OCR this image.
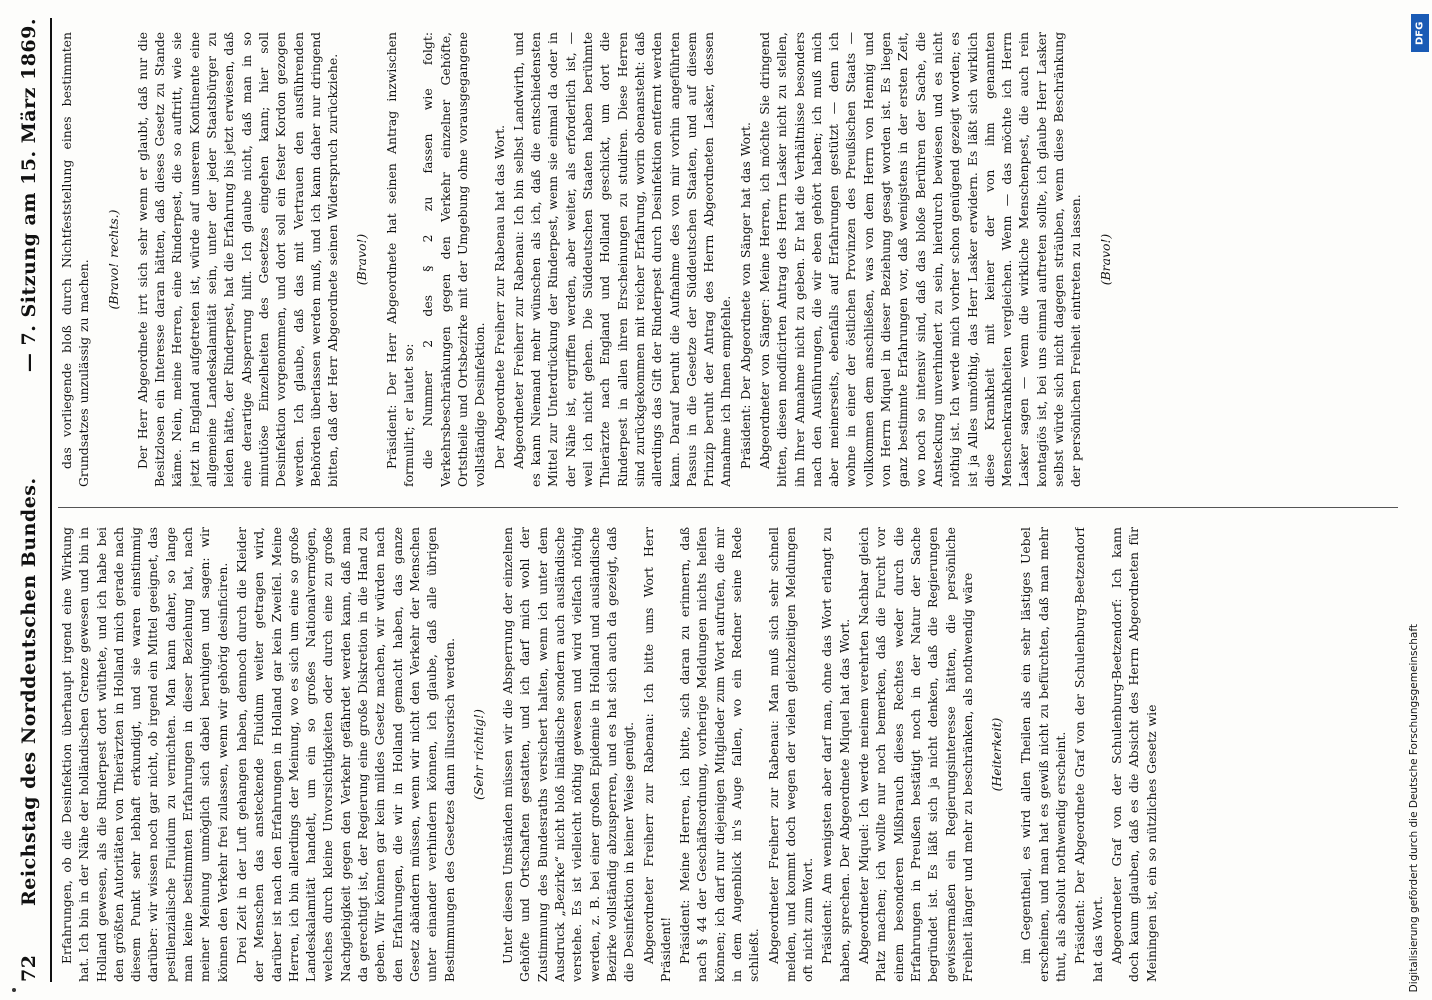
72
Reichstag des Norddeutschen Bundes.
— 7. Sitzung am 15. März 1869.

Erfahrungen, ob die Desinfektion überhaupt irgend eine Wirkung hat. Ich bin in der Nähe der holländischen Grenze gewesen und bin in Holland gewesen, als die Rinderpest dort wüthete, und ich habe bei den größten Autoritäten von Thierärzten in Holland mich gerade nach diesem Punkt sehr lebhaft erkundigt, und sie waren einstimmig darüber: wir wissen noch gar nicht, ob irgend ein Mittel geeignet, das pestilenzialische Fluidum zu vernichten. Man kann daher, so lange man keine bestimmten Erfahrungen in dieser Beziehung hat, nach meiner Meinung unmöglich sich dabei beruhigen und sagen: wir können den Verkehr frei zulassen, wenn wir gehörig desinficiren. Drei Zeit in der Luft gehangen haben, dennoch durch die Kleider der Menschen das ansteckende Fluidum weiter getragen wird, darüber ist nach den Erfahrungen in Holland gar kein Zweifel. Meine Herren, ich bin allerdings der Meinung, wo es sich um eine so große Landeskalamität handelt, um ein so großes Nationalvermögen, welches durch kleine Unvorsichtigkeiten oder durch eine zu große Nachgiebigkeit gegen den Verkehr gefährdet werden kann, daß man da gerechtigt ist, der Regierung eine große Diskretion in die Hand zu geben. Wir können gar kein mildes Gesetz machen, wir würden nach den Erfahrungen, die wir in Holland gemacht haben, das ganze Gesetz abändern müssen, wenn wir nicht den Verkehr der Menschen unter einander verhindern können, ich glaube, daß alle übrigen Bestimmungen des Gesetzes dann illusorisch werden. (Sehr richtig!) Unter diesen Umständen müssen wir die Absperrung der einzelnen Gehöfte und Ortschaften gestatten, und ich darf mich wohl der Zustimmung des Bundesraths versichert halten, wenn ich unter dem Ausdruck „Bezirke“ nicht bloß inländische sondern auch ausländische verstehe. Es ist vielleicht nöthig gewesen und wird vielfach nöthig werden, z. B. bei einer großen Epidemie in Holland und ausländische Bezirke vollständig abzusperren, und es hat sich auch da gezeigt, daß die Desinfektion in keiner Weise genügt. Abgeordneter Freiherr zur Rabenau: Ich bitte ums Wort Herr Präsident! Präsident: Meine Herren, ich bitte, sich daran zu erinnern, daß nach § 44 der Geschäftsordnung, vorherige Meldungen nichts helfen können; ich darf nur diejenigen Mitglieder zum Wort aufrufen, die mir in dem Augenblick in's Auge fallen, wo ein Redner seine Rede schließt. Abgeordneter Freiherr zur Rabenau: Man muß sich sehr schnell melden, und kommt doch wegen der vielen gleichzeitigen Meldungen oft nicht zum Wort. Präsident: Am wenigsten aber darf man, ohne das Wort erlangt zu haben, sprechen. Der Abgeordnete Miquel hat das Wort. Abgeordneter Miquel: Ich werde meinem verehrten Nachbar gleich Platz machen; ich wollte nur noch bemerken, daß die Furcht vor einem besonderen Mißbrauch dieses Rechtes weder durch die Erfahrungen in Preußen bestätigt noch in der Natur der Sache begründet ist. Es läßt sich ja nicht denken, daß die Regierungen gewissermaßen ein Regierungsinteresse hätten, die persönliche Freiheit länger und mehr zu beschränken, als nothwendig wäre (Heiterkeit) im Gegentheil, es wird allen Theilen als ein sehr lästiges Uebel erscheinen, und man hat es gewiß nicht zu befürchten, daß man mehr thut, als absolut nothwendig erscheint. Präsident: Der Abgeordnete Graf von der Schulenburg-Beetzendorf hat das Wort. Abgeordneter Graf von der Schulenburg-Beetzendorf: Ich kann doch kaum glauben, daß es die Absicht des Herrn Abgeordneten für Meiningen ist, ein so nützliches Gesetz wie

das vorliegende bloß durch Nichtfeststellung eines bestimmten Grundsatzes unzulässig zu machen. (Bravo! rechts.) Der Herr Abgeordnete irrt sich sehr wenn er glaubt, daß nur die Besitzlosen ein Interesse daran hätten, daß dieses Gesetz zu Stande käme. Nein, meine Herren, eine Rinderpest, die so auftritt, wie sie jetzt in England aufgetreten ist, würde auf unserem Kontinente eine allgemeine Landeskalamität sein, unter der jeder Staatsbürger zu leiden hätte, der Rinderpest, hat die Erfahrung bis jetzt erwiesen, daß eine derartige Absperrung hilft. Ich glaube nicht, daß man in so minutiöse Einzelheiten des Gesetzes eingehen kann; hier soll Desinfektion vorgenommen, und dort soll ein fester Kordon gezogen werden. Ich glaube, daß das mit Vertrauen den ausführenden Behörden überlassen werden muß, und ich kann daher nur dringend bitten, daß der Herr Abgeordnete seinen Widerspruch zurückziehe. (Bravo!) Präsident: Der Herr Abgeordnete hat seinen Antrag inzwischen formulirt; er lautet so: die Nummer 2 des § 2 zu fassen wie folgt: Verkehrsbeschränkungen gegen den Verkehr einzelner Gehöfte, Ortstheile und Ortsbezirke mit der Umgebung ohne vorausgegangene vollständige Desinfektion. Der Abgeordnete Freiherr zur Rabenau hat das Wort. Abgeordneter Freiherr zur Rabenau: Ich bin selbst Landwirth, und es kann Niemand mehr wünschen als ich, daß die entschiedensten Mittel zur Unterdrückung der Rinderpest, wenn sie einmal da oder in der Nähe ist, ergriffen werden, aber weiter, als erforderlich ist, — weil ich nicht gehen. Die Süddeutschen Staaten haben berühmte Thierärzte nach England und Holland geschickt, um dort die Rinderpest in allen ihren Erscheinungen zu studiren. Diese Herren sind zurückgekommen mit reicher Erfahrung, worin obenansteht: daß allerdings das Gift der Rinderpest durch Desinfektion entfernt werden kann. Darauf beruht die Aufnahme des von mir vorhin angeführten Passus in die Gesetze der Süddeutschen Staaten, und auf diesem Prinzip beruht der Antrag des Herrn Abgeordneten Lasker, dessen Annahme ich Ihnen empfehle. Präsident: Der Abgeordnete von Sänger hat das Wort. Abgeordneter von Sänger: Meine Herren, ich möchte Sie dringend bitten, diesen modificirten Antrag des Herrn Lasker nicht zu stellen, ihn Ihrer Annahme nicht zu geben. Er hat die Verhältnisse besonders nach den Ausführungen, die wir eben gehört haben; ich muß mich aber meinerseits, ebenfalls auf Erfahrungen gestützt — denn ich wohne in einer der östlichen Provinzen des Preußischen Staats — vollkommen dem anschließen, was von dem Herrn von Hennig und von Herrn Miquel in dieser Beziehung gesagt worden ist. Es liegen ganz bestimmte Erfahrungen vor, daß wenigstens in der ersten Zeit, wo noch so intensiv sind, daß das bloße Berühren der Sache, die Ansteckung unverhindert zu sein, hierdurch bewiesen und es nicht nöthig ist. Ich werde mich vorher schon genügend gezeigt worden; es ist ja Alles unnöthig, das Herr Lasker erwidern. Es läßt sich wirklich diese Krankheit mit keiner der von ihm genannten Menschenkrankheiten vergleichen. Wenn — das möchte ich Herrn Lasker sagen — wenn die wirkliche Menschenpest, die auch rein kontagiös ist, bei uns einmal auftreten sollte, ich glaube Herr Lasker selbst würde sich nicht dagegen sträuben, wenn diese Beschränkung der persönlichen Freiheit eintreten zu lassen. (Bravo!)

Digitalisierung gefördert durch die Deutsche Forschungsgemeinschaft
DFG
